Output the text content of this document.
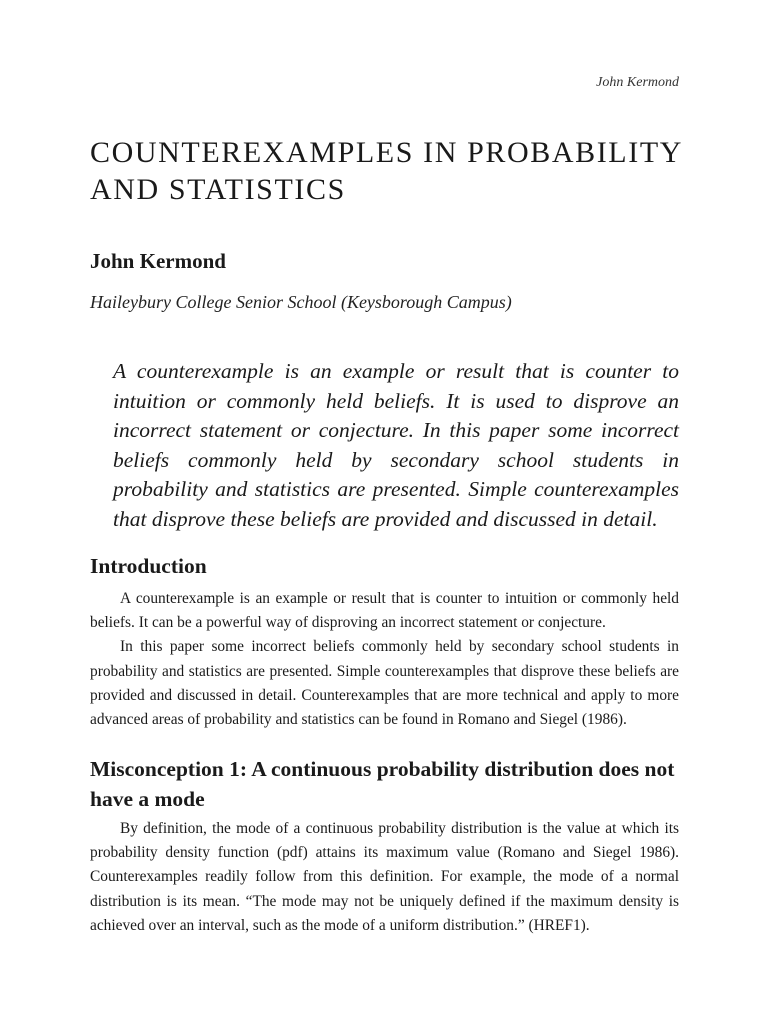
John Kermond
COUNTEREXAMPLES IN PROBABILITY AND STATISTICS
John Kermond
Haileybury College Senior School (Keysborough Campus)

A counterexample is an example or result that is counter to intuition or commonly held beliefs. It is used to disprove an incorrect statement or conjecture. In this paper some incorrect beliefs commonly held by secondary school students in probability and statistics are presented. Simple counterexamples that disprove these beliefs are provided and discussed in detail.

Introduction

A counterexample is an example or result that is counter to intuition or commonly held beliefs. It can be a powerful way of disproving an incorrect statement or conjecture.

In this paper some incorrect beliefs commonly held by secondary school students in probability and statistics are presented. Simple counterexamples that disprove these beliefs are provided and discussed in detail. Counterexamples that are more technical and apply to more advanced areas of probability and statistics can be found in Romano and Siegel (1986).

Misconception 1: A continuous probability distribution does not have a mode

By definition, the mode of a continuous probability distribution is the value at which its probability density function (pdf) attains its maximum value (Romano and Siegel 1986). Counterexamples readily follow from this definition. For example, the mode of a normal distribution is its mean. “The mode may not be uniquely defined if the maximum density is achieved over an interval, such as the mode of a uniform distribution.” (HREF1).
